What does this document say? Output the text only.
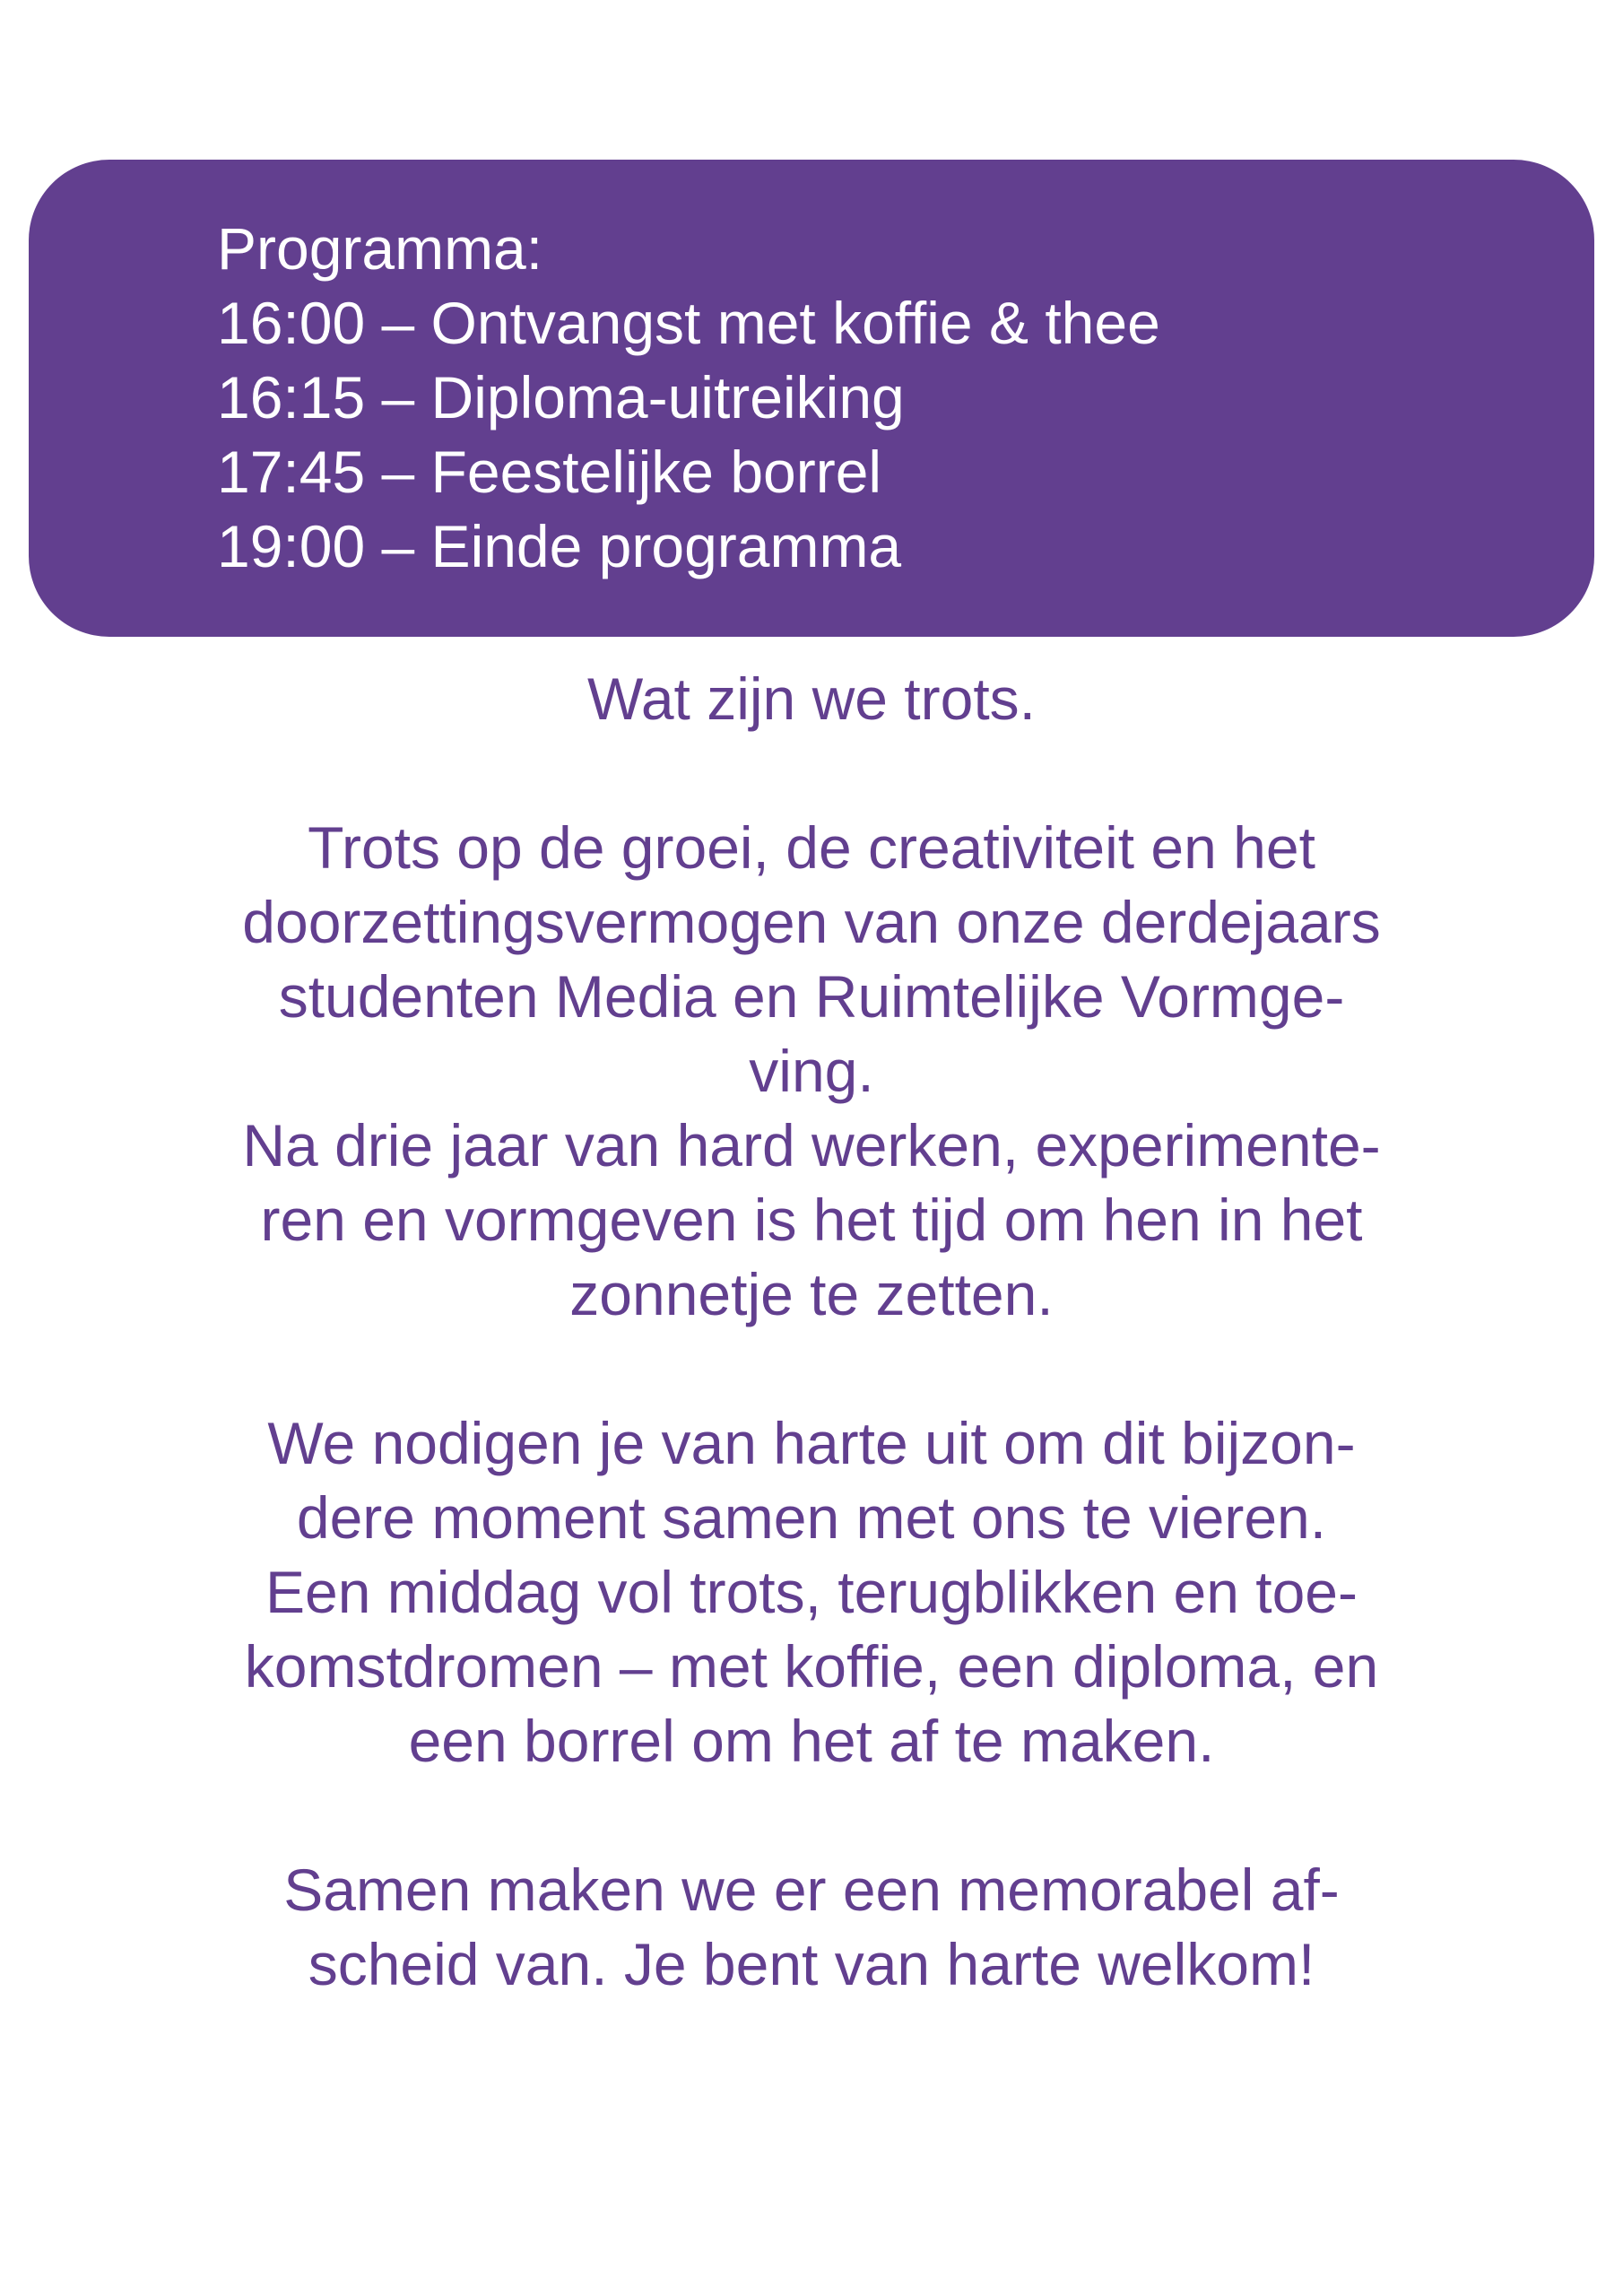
Programma:
16:00 – Ontvangst met koffie & thee
16:15 – Diploma-uitreiking
17:45 – Feestelijke borrel
19:00 – Einde programma
Wat zijn we trots.
Trots op de groei, de creativiteit en het
doorzettingsvermogen van onze derdejaars
studenten Media en Ruimtelijke Vormge-
ving.
Na drie jaar van hard werken, experimente-
ren en vormgeven is het tijd om hen in het
zonnetje te zetten.
We nodigen je van harte uit om dit bijzon-
dere moment samen met ons te vieren.
Een middag vol trots, terugblikken en toe-
komstdromen – met koffie, een diploma, en
een borrel om het af te maken.
Samen maken we er een memorabel af-
scheid van. Je bent van harte welkom!
